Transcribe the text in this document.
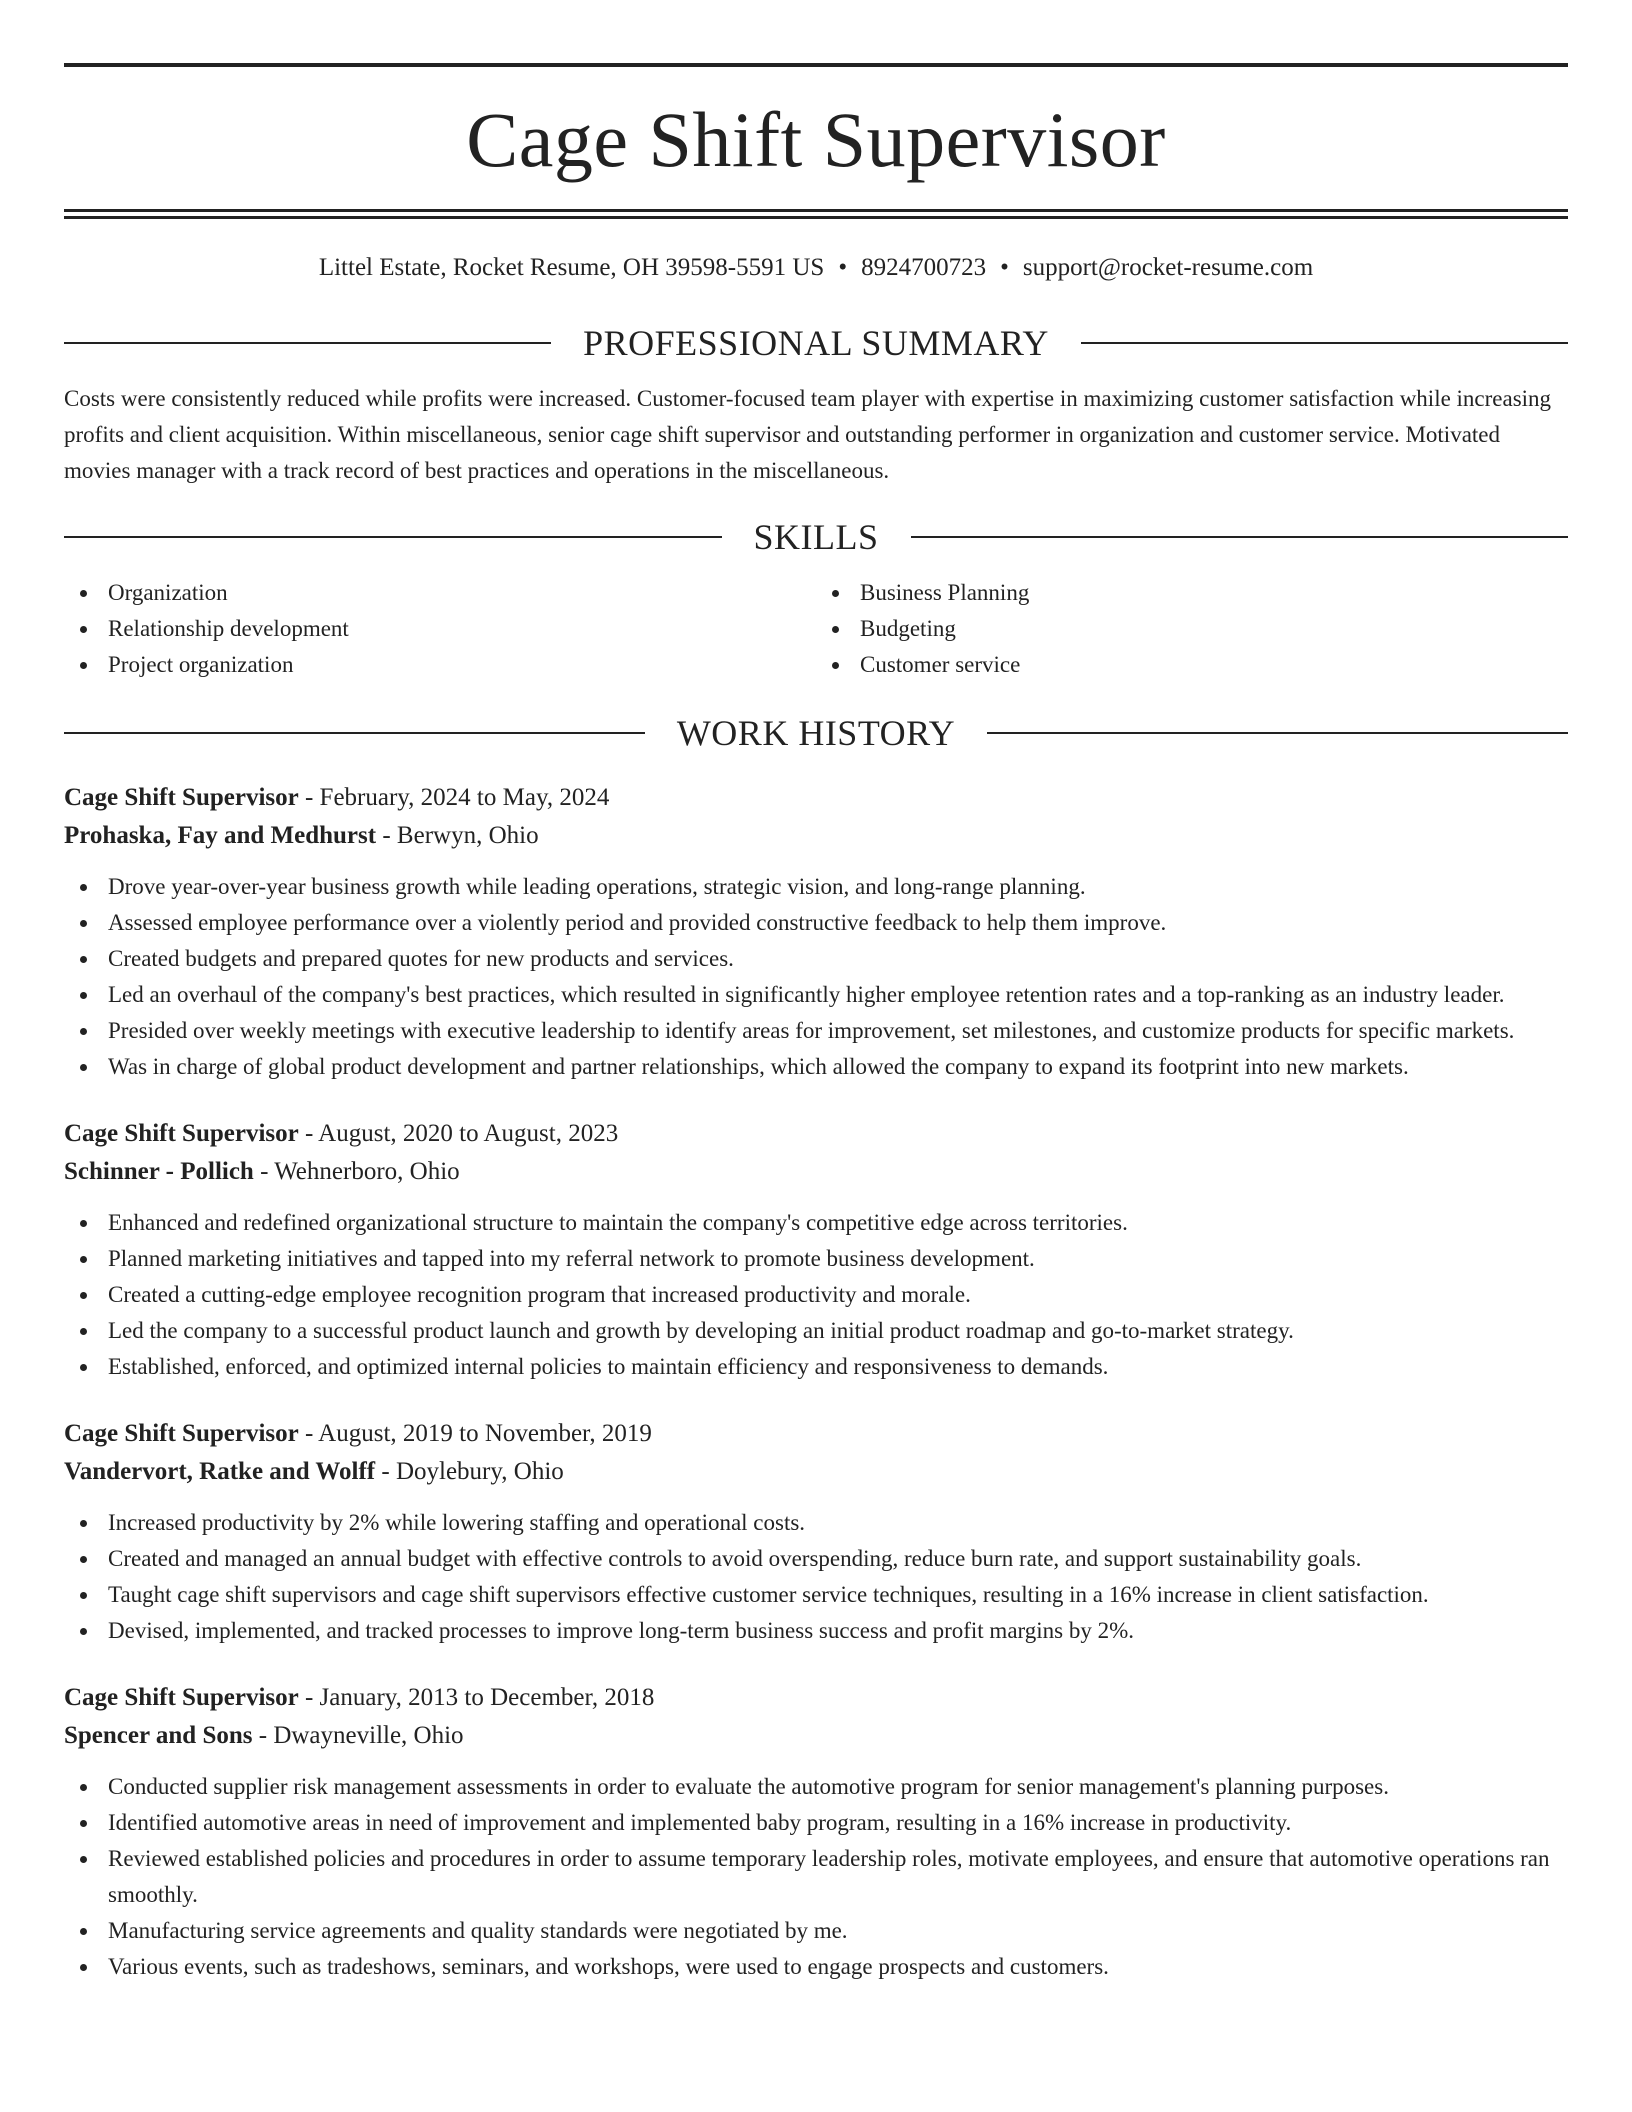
Cage Shift Supervisor
Littel Estate, Rocket Resume, OH 39598-5591 US • 8924700723 • support@rocket-resume.com
PROFESSIONAL SUMMARY

Costs were consistently reduced while profits were increased. Customer-focused team player with expertise in maximizing customer satisfaction while increasing profits and client acquisition. Within miscellaneous, senior cage shift supervisor and outstanding performer in organization and customer service. Motivated movies manager with a track record of best practices and operations in the miscellaneous.

SKILLS
Organization
Relationship development
Project organization
Business Planning
Budgeting
Customer service
WORK HISTORY
Cage Shift Supervisor - February, 2024 to May, 2024
Prohaska, Fay and Medhurst - Berwyn, Ohio
Drove year-over-year business growth while leading operations, strategic vision, and long-range planning.
Assessed employee performance over a violently period and provided constructive feedback to help them improve.
Created budgets and prepared quotes for new products and services.
Led an overhaul of the company's best practices, which resulted in significantly higher employee retention rates and a top-ranking as an industry leader.
Presided over weekly meetings with executive leadership to identify areas for improvement, set milestones, and customize products for specific markets.
Was in charge of global product development and partner relationships, which allowed the company to expand its footprint into new markets.
Cage Shift Supervisor - August, 2020 to August, 2023
Schinner - Pollich - Wehnerboro, Ohio
Enhanced and redefined organizational structure to maintain the company's competitive edge across territories.
Planned marketing initiatives and tapped into my referral network to promote business development.
Created a cutting-edge employee recognition program that increased productivity and morale.
Led the company to a successful product launch and growth by developing an initial product roadmap and go-to-market strategy.
Established, enforced, and optimized internal policies to maintain efficiency and responsiveness to demands.
Cage Shift Supervisor - August, 2019 to November, 2019
Vandervort, Ratke and Wolff - Doylebury, Ohio
Increased productivity by 2% while lowering staffing and operational costs.
Created and managed an annual budget with effective controls to avoid overspending, reduce burn rate, and support sustainability goals.
Taught cage shift supervisors and cage shift supervisors effective customer service techniques, resulting in a 16% increase in client satisfaction.
Devised, implemented, and tracked processes to improve long-term business success and profit margins by 2%.
Cage Shift Supervisor - January, 2013 to December, 2018
Spencer and Sons - Dwayneville, Ohio
Conducted supplier risk management assessments in order to evaluate the automotive program for senior management's planning purposes.
Identified automotive areas in need of improvement and implemented baby program, resulting in a 16% increase in productivity.
Reviewed established policies and procedures in order to assume temporary leadership roles, motivate employees, and ensure that automotive operations ran smoothly.
Manufacturing service agreements and quality standards were negotiated by me.
Various events, such as tradeshows, seminars, and workshops, were used to engage prospects and customers.
